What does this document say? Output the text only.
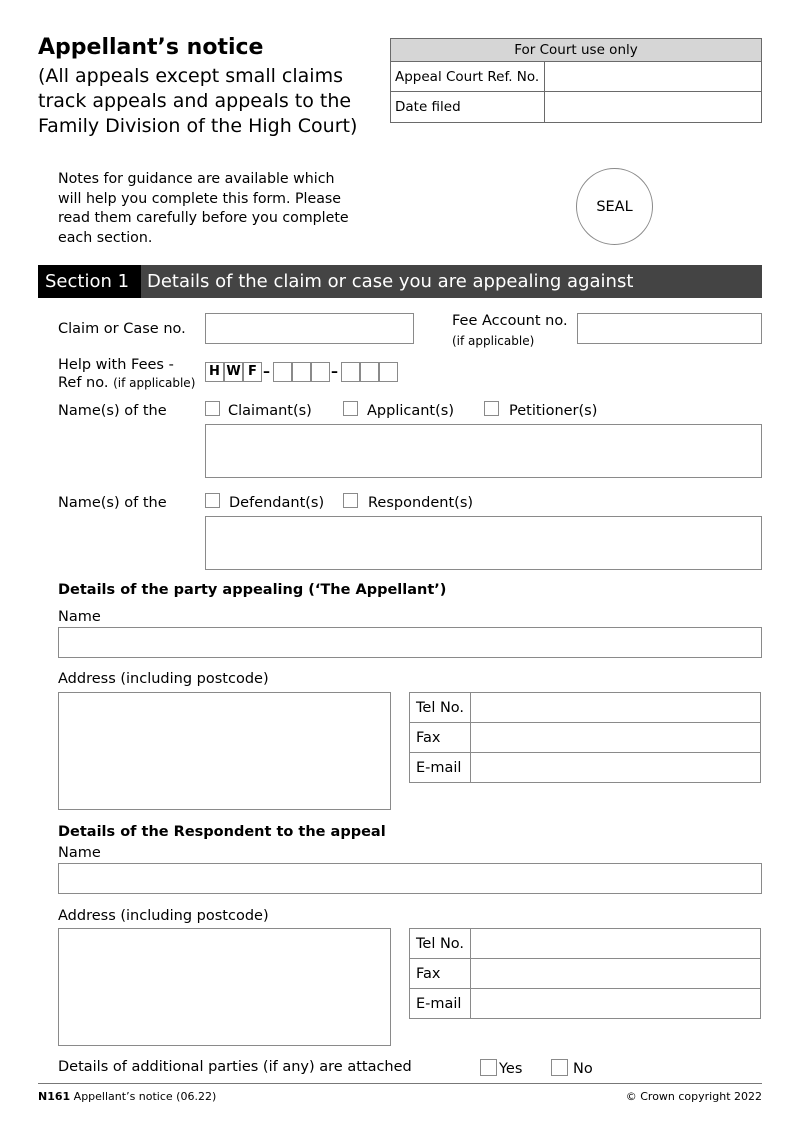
Appellant’s notice
(All appeals except small claims
track appeals and appeals to the
Family Division of the High Court)
For Court use only
Appeal Court Ref. No.
Date filed
Notes for guidance are available which
will help you complete this form. Please
read them carefully before you complete
each section.
SEAL
Section 1 Details of the claim or case you are appealing against
Claim or Case no.	Fee Account no.
(if applicable)
Help with Fees -
Ref no. (if applicable)
H W F –	–
Name(s) of the	Claimant(s)	Applicant(s)	Petitioner(s)
Name(s) of the	Defendant(s)	Respondent(s)
Details of the party appealing (‘The Appellant’)
Name
Address (including postcode)
Tel No.
Fax
E-mail
Details of the Respondent to the appeal
Name
Address (including postcode)
Tel No.
Fax
E-mail
Details of additional parties (if any) are attached	Yes	No
N161 Appellant’s notice (06.22)	© Crown copyright 2022
